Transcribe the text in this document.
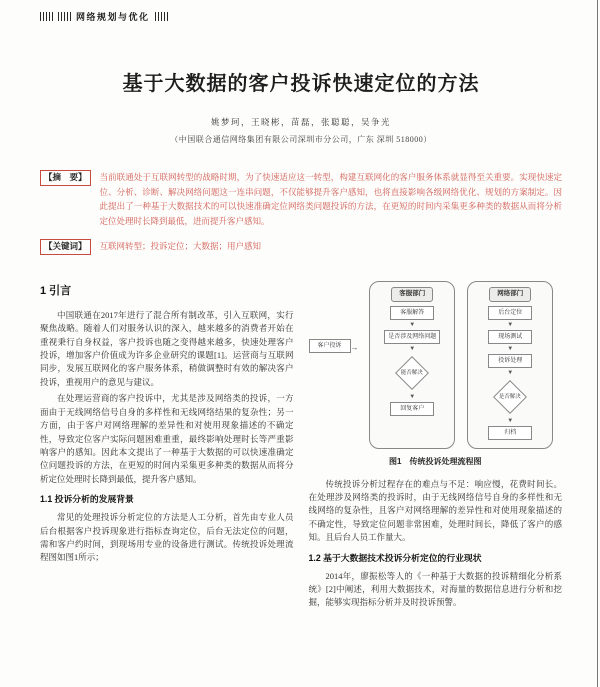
网络规划与优化
基于大数据的客户投诉快速定位的方法
姚梦珂，王晓彬，苗磊，张聪聪，吴争光
（中国联合通信网络集团有限公司深圳市分公司，广东 深圳 518000）
【摘　要】	当前联通处于互联网转型的战略时期，为了快速适应这一转型，构建互联网化的客户服务体系就显得至关重要。实现快速定位、分析、诊断、解决网络问题这一连串问题，不仅能够提升客户感知，也将直接影响各级网络优化、规划的方案制定。因此提出了一种基于大数据技术的可以快速准确定位网络类问题投诉的方法，在更短的时间内采集更多种类的数据从而将分析定位处理时长降到最低，进而提升客户感知。
【关键词】	互联网转型；投诉定位；大数据；用户感知
1 引言

中国联通在2017年进行了混合所有制改革，引入互联网，实行聚焦战略。随着人们对服务认识的深入，越来越多的消费者开始在重视秉行自身权益，客户投诉也随之变得越来越多，快速处理客户投诉，增加客户价值成为许多企业研究的课题[1]。运营商与互联网同步，发展互联网化的客户服务体系，稍做调整时有效的解决客户投诉，重视用户的意见与建议。

在处理运营商的客户投诉中，尤其是涉及网络类的投诉，一方面由于无线网络信号自身的多样性和无线网络结果的复杂性；另一方面，由于客户对网络理解的差异性和对使用现象描述的不确定性，导致定位客户实际问题困难重重，最终影响处理时长等严重影响客户的感知。因此本文提出了一种基于大数据的可以快速准确定位问题投诉的方法，在更短的时间内采集更多种类的数据从而将分析定位处理时长降到最低，提升客户感知。

1.1 投诉分析的发展背景

常见的处理投诉分析定位的方法是人工分析，首先由专业人员后台根据客户投诉现象进行指标查询定位，后台无法定位的问题，需和客户约时间，到现场用专业的设备进行测试。传统投诉处理流程图如图1所示；

客户投诉	→
客服部门
客服解答
▼
是否涉及网络问题
▼
能否解决
▼
回复客户
网络部门
后台定位
▼
现场测试
▼
投诉处理
▼
是否解决
▼
归档
图1　传统投诉处理流程图

传统投诉分析过程存在的难点与不足：响应慢，花费时间长。在处理涉及网络类的投诉时，由于无线网络信号自身的多样性和无线网络的复杂性，且客户对网络理解的差异性和对使用现象描述的不确定性，导致定位问题非常困难，处理时间长，降低了客户的感知。且后台人员工作量大。

1.2 基于大数据技术投诉分析定位的行业现状

2014年，廖振松等人的《一种基于大数据的投诉精细化分析系统》[2]中阐述，利用大数据技术，对海量的数据信息进行分析和挖掘，能够实现指标分析并及时投诉预警。
